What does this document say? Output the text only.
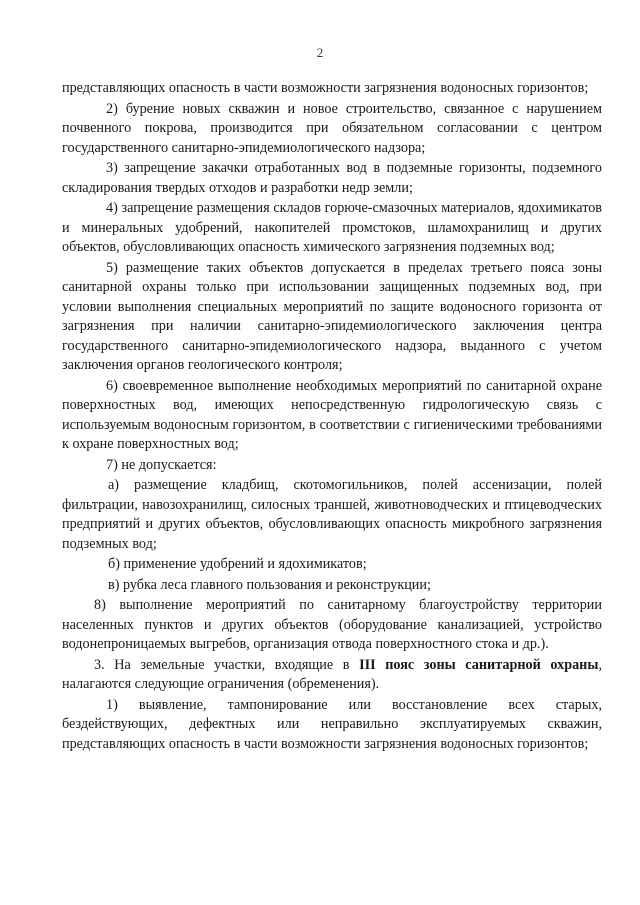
2

представляющих опасность в части возможности загрязнения водоносных горизонтов;

2) бурение новых скважин и новое строительство, связанное с нарушением почвенного покрова, производится при обязательном согласовании с центром государственного санитарно-эпидемиологического надзора;

3) запрещение закачки отработанных вод в подземные горизонты, подземного складирования твердых отходов и разработки недр земли;

4) запрещение размещения складов горюче-смазочных материалов, ядохимикатов и минеральных удобрений, накопителей промстоков, шламохранилищ и других объектов, обусловливающих опасность химического загрязнения подземных вод;

5) размещение таких объектов допускается в пределах третьего пояса зоны санитарной охраны только при использовании защищенных подземных вод, при условии выполнения специальных мероприятий по защите водоносного горизонта от загрязнения при наличии санитарно-эпидемиологического заключения центра государственного санитарно-эпидемиологического надзора, выданного с учетом заключения органов геологического контроля;

6) своевременное выполнение необходимых мероприятий по санитарной охране поверхностных вод, имеющих непосредственную гидрологическую связь с используемым водоносным горизонтом, в соответствии с гигиеническими требованиями к охране поверхностных вод;

7) не допускается:

а) размещение кладбищ, скотомогильников, полей ассенизации, полей фильтрации, навозохранилищ, силосных траншей, животноводческих и птицеводческих предприятий и других объектов, обусловливающих опасность микробного загрязнения подземных вод;

б) применение удобрений и ядохимикатов;

в) рубка леса главного пользования и реконструкции;

8) выполнение мероприятий по санитарному благоустройству территории населенных пунктов и других объектов (оборудование канализацией, устройство водонепроницаемых выгребов, организация отвода поверхностного стока и др.).

3. На земельные участки, входящие в III пояс зоны санитарной охраны, налагаются следующие ограничения (обременения).

1) выявление, тампонирование или восстановление всех старых, бездействующих, дефектных или неправильно эксплуатируемых скважин, представляющих опасность в части возможности загрязнения водоносных горизонтов;
